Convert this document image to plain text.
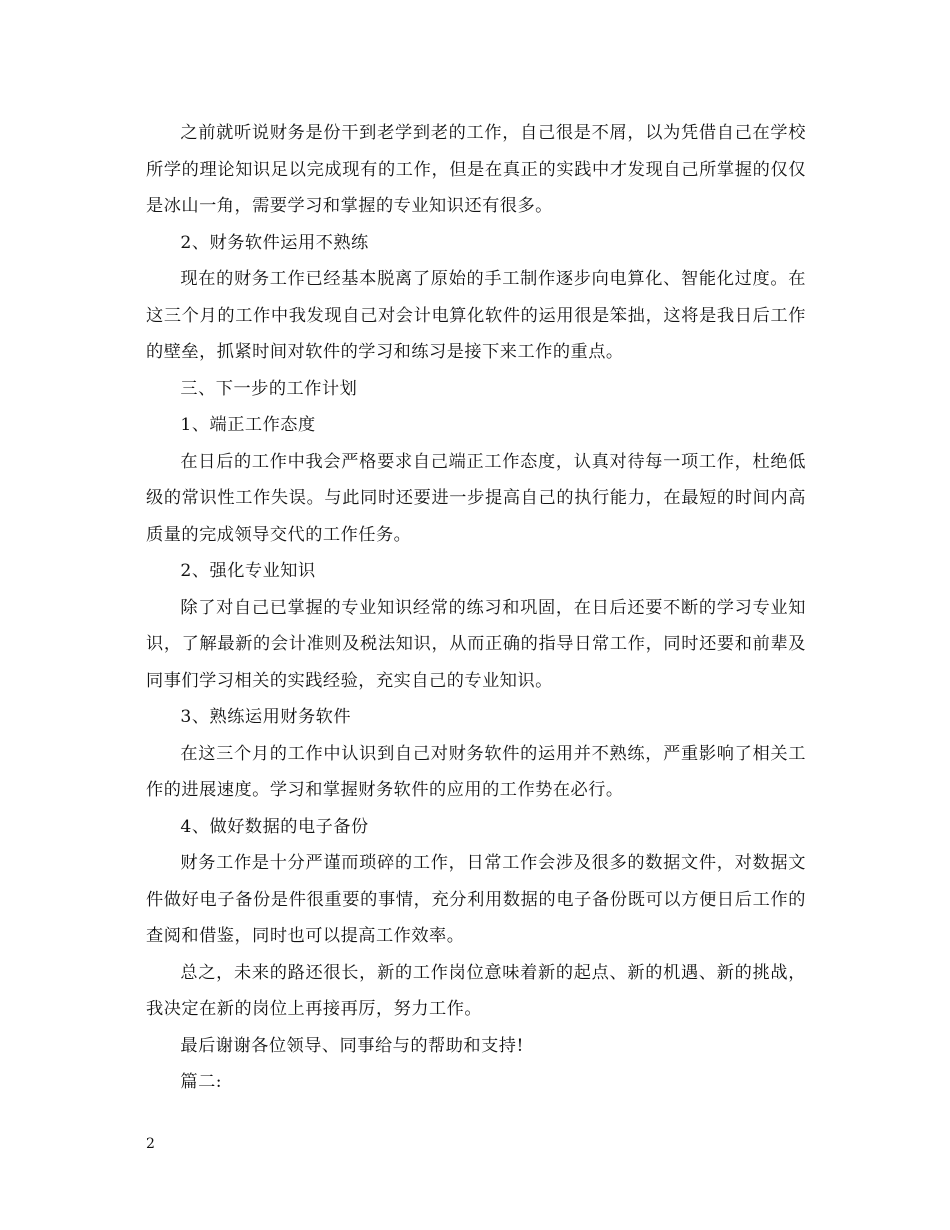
之前就听说财务是份干到老学到老的工作，自己很是不屑，以为凭借自己在学校所学的理论知识足以完成现有的工作，但是在真正的实践中才发现自己所掌握的仅仅是冰山一角，需要学习和掌握的专业知识还有很多。

2、财务软件运用不熟练

现在的财务工作已经基本脱离了原始的手工制作逐步向电算化、智能化过度。在这三个月的工作中我发现自己对会计电算化软件的运用很是笨拙，这将是我日后工作的壁垒，抓紧时间对软件的学习和练习是接下来工作的重点。

三、下一步的工作计划

1、端正工作态度

在日后的工作中我会严格要求自己端正工作态度，认真对待每一项工作，杜绝低级的常识性工作失误。与此同时还要进一步提高自己的执行能力，在最短的时间内高质量的完成领导交代的工作任务。

2、强化专业知识

除了对自己已掌握的专业知识经常的练习和巩固，在日后还要不断的学习专业知识，了解最新的会计准则及税法知识，从而正确的指导日常工作，同时还要和前辈及同事们学习相关的实践经验，充实自己的专业知识。

3、熟练运用财务软件

在这三个月的工作中认识到自己对财务软件的运用并不熟练，严重影响了相关工作的进展速度。学习和掌握财务软件的应用的工作势在必行。

4、做好数据的电子备份

财务工作是十分严谨而琐碎的工作，日常工作会涉及很多的数据文件，对数据文件做好电子备份是件很重要的事情，充分利用数据的电子备份既可以方便日后工作的查阅和借鉴，同时也可以提高工作效率。

总之，未来的路还很长，新的工作岗位意味着新的起点、新的机遇、新的挑战，我决定在新的岗位上再接再厉，努力工作。

最后谢谢各位领导、同事给与的帮助和支持!

篇二:

2
